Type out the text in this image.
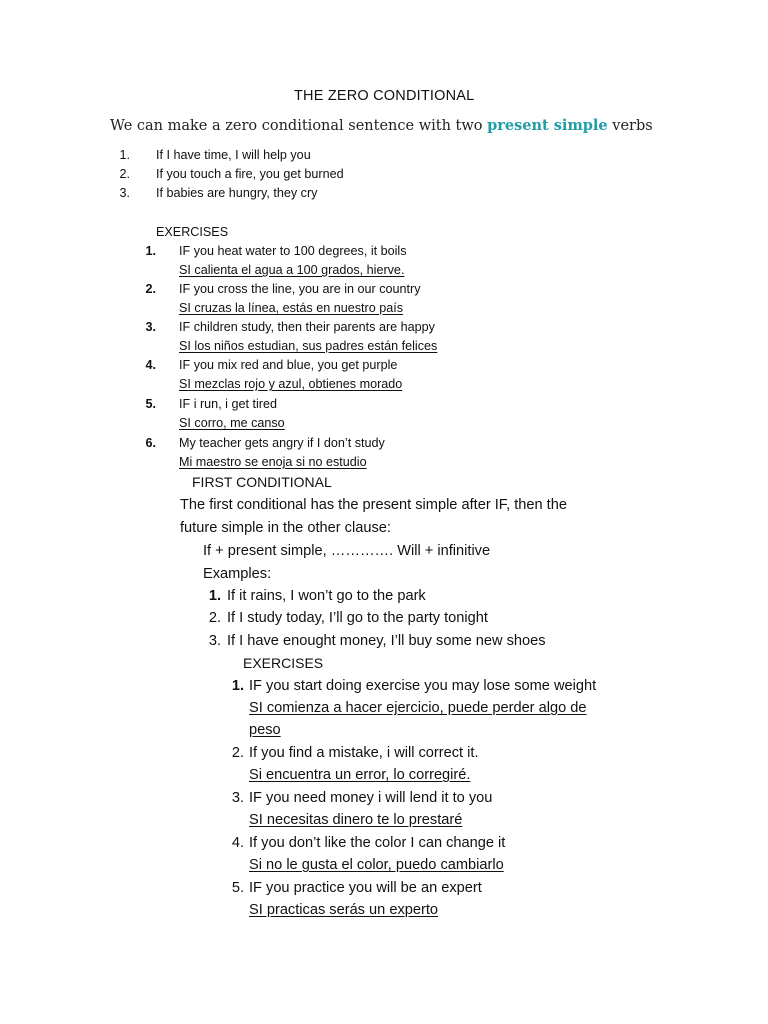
THE ZERO CONDITIONAL
We can make a zero conditional sentence with two present simple verbs
1. If I have time, I will help you
2. If you touch a fire, you get burned
3. If babies are hungry, they cry
EXERCISES
1. IF you heat water to 100 degrees, it boils
SI calienta el agua a 100 grados, hierve.
2. IF you cross the line, you are in our country
SI cruzas la línea, estás en nuestro país
3. IF children study, then their parents are happy
SI los niños estudian, sus padres están felices
4. IF you mix red and blue, you get purple
SI mezclas rojo y azul, obtienes morado
5. IF i run, i get tired
SI corro, me canso
6. My teacher gets angry if I don’t study
Mi maestro se enoja si no estudio
FIRST CONDITIONAL
The first conditional has the present simple after IF, then the
future simple in the other clause:
If + present simple, …………. Will + infinitive
Examples:
1. If it rains, I won’t go to the park
2. If I study today, I’ll go to the party tonight
3. If I have enought money, I’ll buy some new shoes
EXERCISES
1. IF you start doing exercise you may lose some weight
SI comienza a hacer ejercicio, puede perder algo de
peso
2. If you find a mistake, i will correct it.
Si encuentra un error, lo corregiré.
3. IF you need money i will lend it to you
SI necesitas dinero te lo prestaré
4. If you don’t like the color I can change it
Si no le gusta el color, puedo cambiarlo
5. IF you practice you will be an expert
SI practicas serás un experto
